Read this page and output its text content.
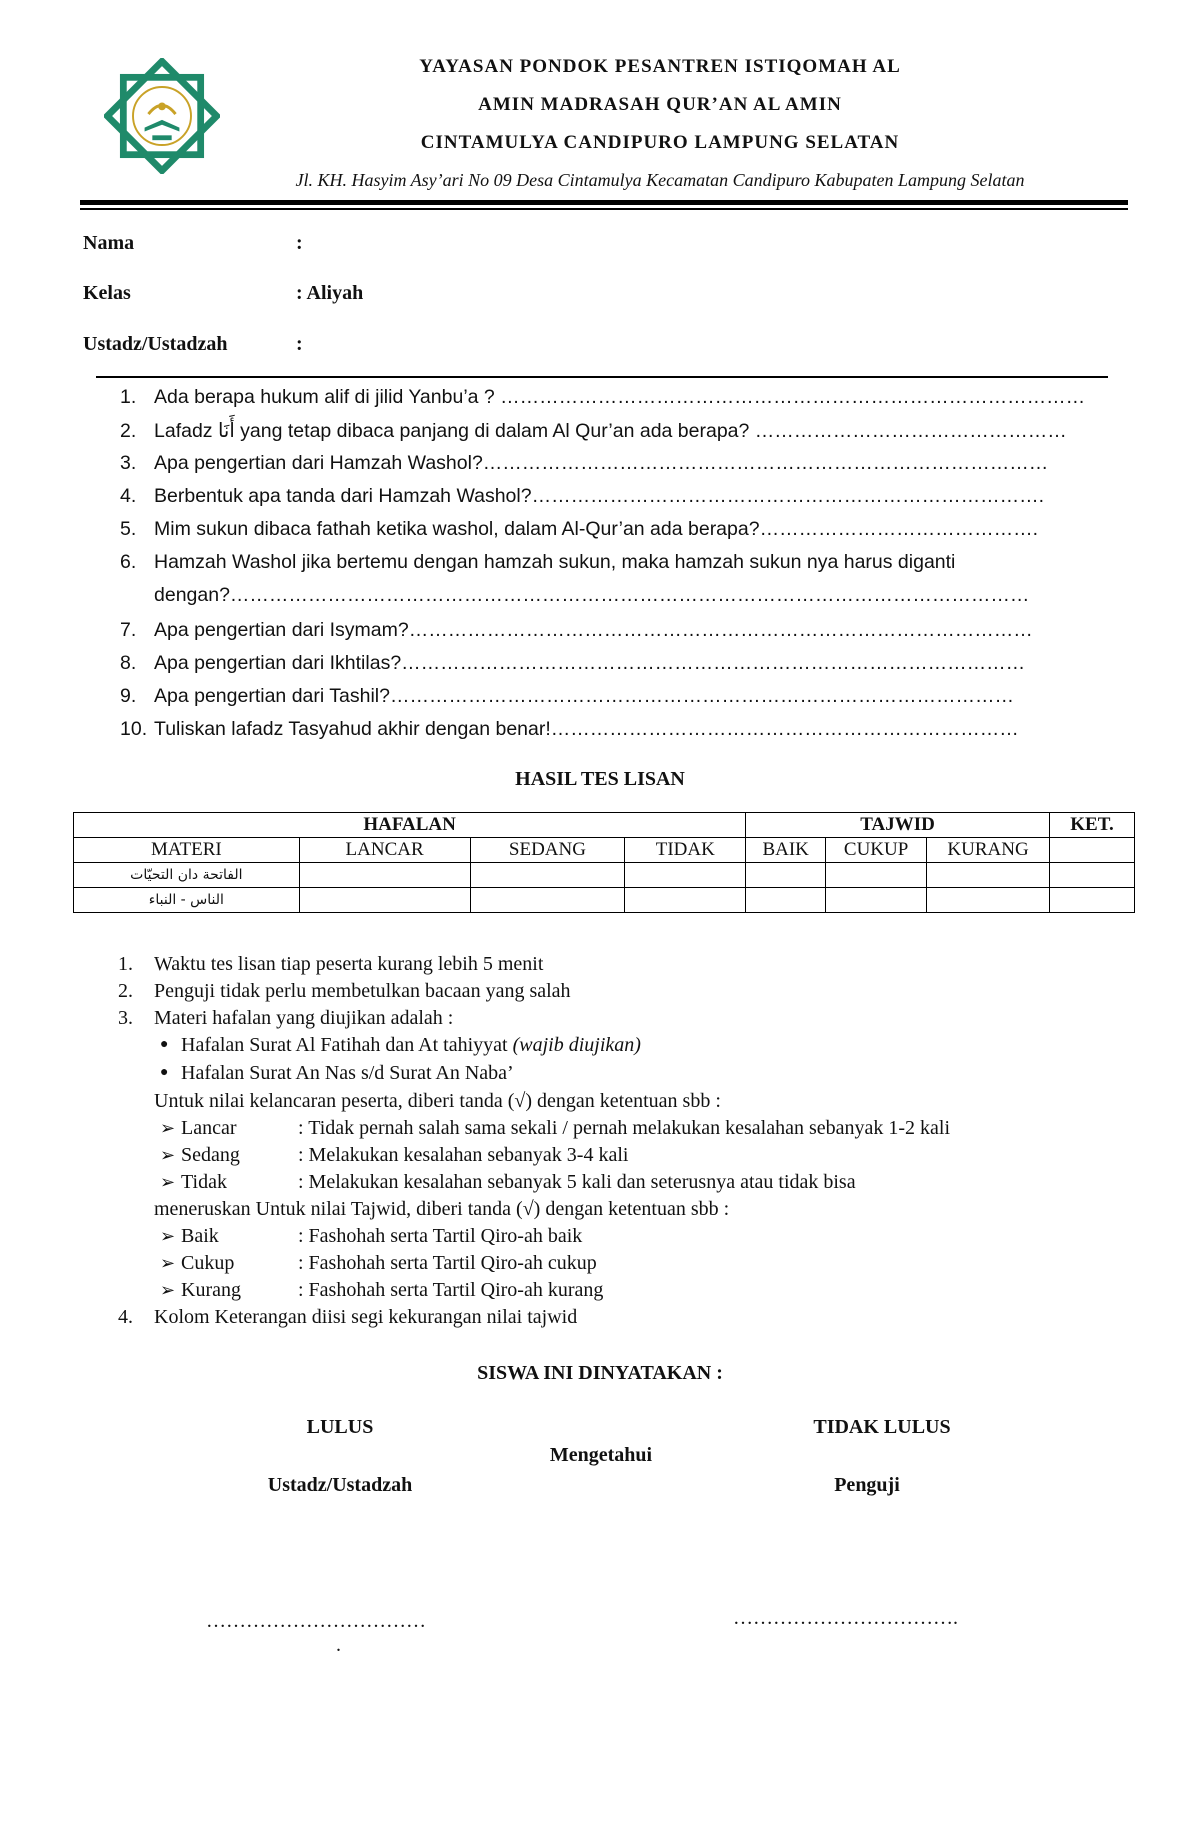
YAYASAN PONDOK PESANTREN ISTIQOMAH AL
AMIN MADRASAH QUR’AN AL AMIN
CINTAMULYA CANDIPURO LAMPUNG SELATAN
Jl. KH. Hasyim Asy’ari No 09 Desa Cintamulya Kecamatan Candipuro Kabupaten Lampung Selatan
Nama	:
Kelas	: Aliyah
Ustadz/Ustadzah	:
1. Ada berapa hukum alif di jilid Yanbu’a ? ………………………………………………………………………………
2. Lafadz أَنَا yang tetap dibaca panjang di dalam Al Qur’an ada berapa? …………………………………………
3. Apa pengertian dari Hamzah Washol?……………………………………………………………………………
4. Berbentuk apa tanda dari Hamzah Washol?…………………………………………………………………….
5. Mim sukun dibaca fathah ketika washol, dalam Al-Qur’an ada berapa?…………………………………….
6. Hamzah Washol jika bertemu dengan hamzah sukun, maka hamzah sukun nya harus diganti
dengan?……………………………………………………………………………………………………………
7. Apa pengertian dari Isymam?……………………………………………………………………………………
8. Apa pengertian dari Ikhtilas?……………………………………………………………………………………
9. Apa pengertian dari Tashil?……………………………………………………………………………………
10. Tuliskan lafadz Tasyahud akhir dengan benar!………………………………………………………………
HASIL TES LISAN
HAFALAN				TAJWID			KET.
MATERI	LANCAR	SEDANG	TIDAK	BAIK	CUKUP	KURANG	
الفاتحة دان التحيّات							
الناس - النباء							
1. Waktu tes lisan tiap peserta kurang lebih 5 menit
2. Penguji tidak perlu membetulkan bacaan yang salah
3. Materi hafalan yang diujikan adalah :
● Hafalan Surat Al Fatihah dan At tahiyyat (wajib diujikan)
● Hafalan Surat An Nas s/d Surat An Naba’
Untuk nilai kelancaran peserta, diberi tanda (√) dengan ketentuan sbb :
➢ Lancar	: Tidak pernah salah sama sekali / pernah melakukan kesalahan sebanyak 1-2 kali
➢ Sedang	: Melakukan kesalahan sebanyak 3-4 kali
➢ Tidak	: Melakukan kesalahan sebanyak 5 kali dan seterusnya atau tidak bisa
meneruskan Untuk nilai Tajwid, diberi tanda (√) dengan ketentuan sbb :
➢ Baik	: Fashohah serta Tartil Qiro-ah baik
➢ Cukup	: Fashohah serta Tartil Qiro-ah cukup
➢ Kurang	: Fashohah serta Tartil Qiro-ah kurang
4. Kolom Keterangan diisi segi kekurangan nilai tajwid
SISWA INI DINYATAKAN :
LULUS	TIDAK LULUS
Mengetahui
Ustadz/Ustadzah	Penguji
……………………………	…………………………….
.
